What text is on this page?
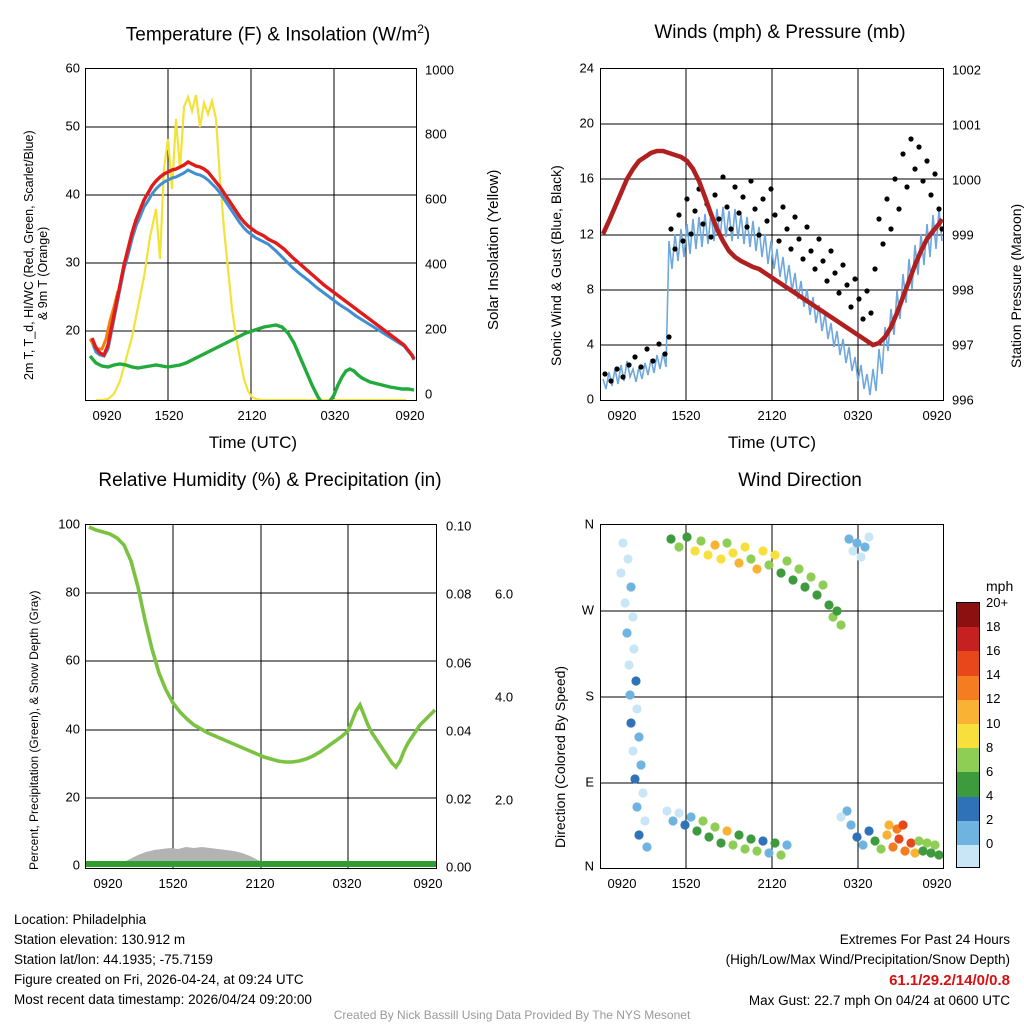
Temperature (F) & Insolation $(W/m^2)$
60
50
40
30
20
1000
800
600
400
200
0
0920	1520	2120	0320	0920
Time (UTC)
2m T, T_d, HI/WC (Red, Green, Scarlet/Blue) & 9m T (Orange)	Solar Insolation (Yellow)
Winds (mph) & Pressure (mb)
24
20
16
12
8
4
0
1002
1001
1000
999
998
997
996
0920	1520	2120	0320	0920
Time (UTC)
Sonic Wind & Gust (Blue, Black)	Station Pressure (Maroon)
Relative Humidity (%) & Precipitation (in)
100
80
60
40
20
0
0.10
0.08
0.06
0.04
0.02
0.00
6.0
4.0
2.0
0920	1520	2120	0320	0920
Percent, Precipitation (Green), & Snow Depth (Gray)
Wind Direction
N
W
S
E
N
0920	1520	2120	0320	0920
Direction (Colored By Speed)
mph
20+
18
16
14
12
10
8
6
4
2
0
Location: Philadelphia
Station elevation: 130.912 m
Station lat/lon: 44.1935; -75.7159
Figure created on Fri, 2026-04-24, at 09:24 UTC
Most recent data timestamp: 2026/04/24 09:20:00
Extremes For Past 24 Hours
(High/Low/Max Wind/Precipitation/Snow Depth)
61.1/29.2/14/0/0.8
Max Gust: 22.7 mph On 04/24 at 0600 UTC
Created By Nick Bassill Using Data Provided By The NYS Mesonet
